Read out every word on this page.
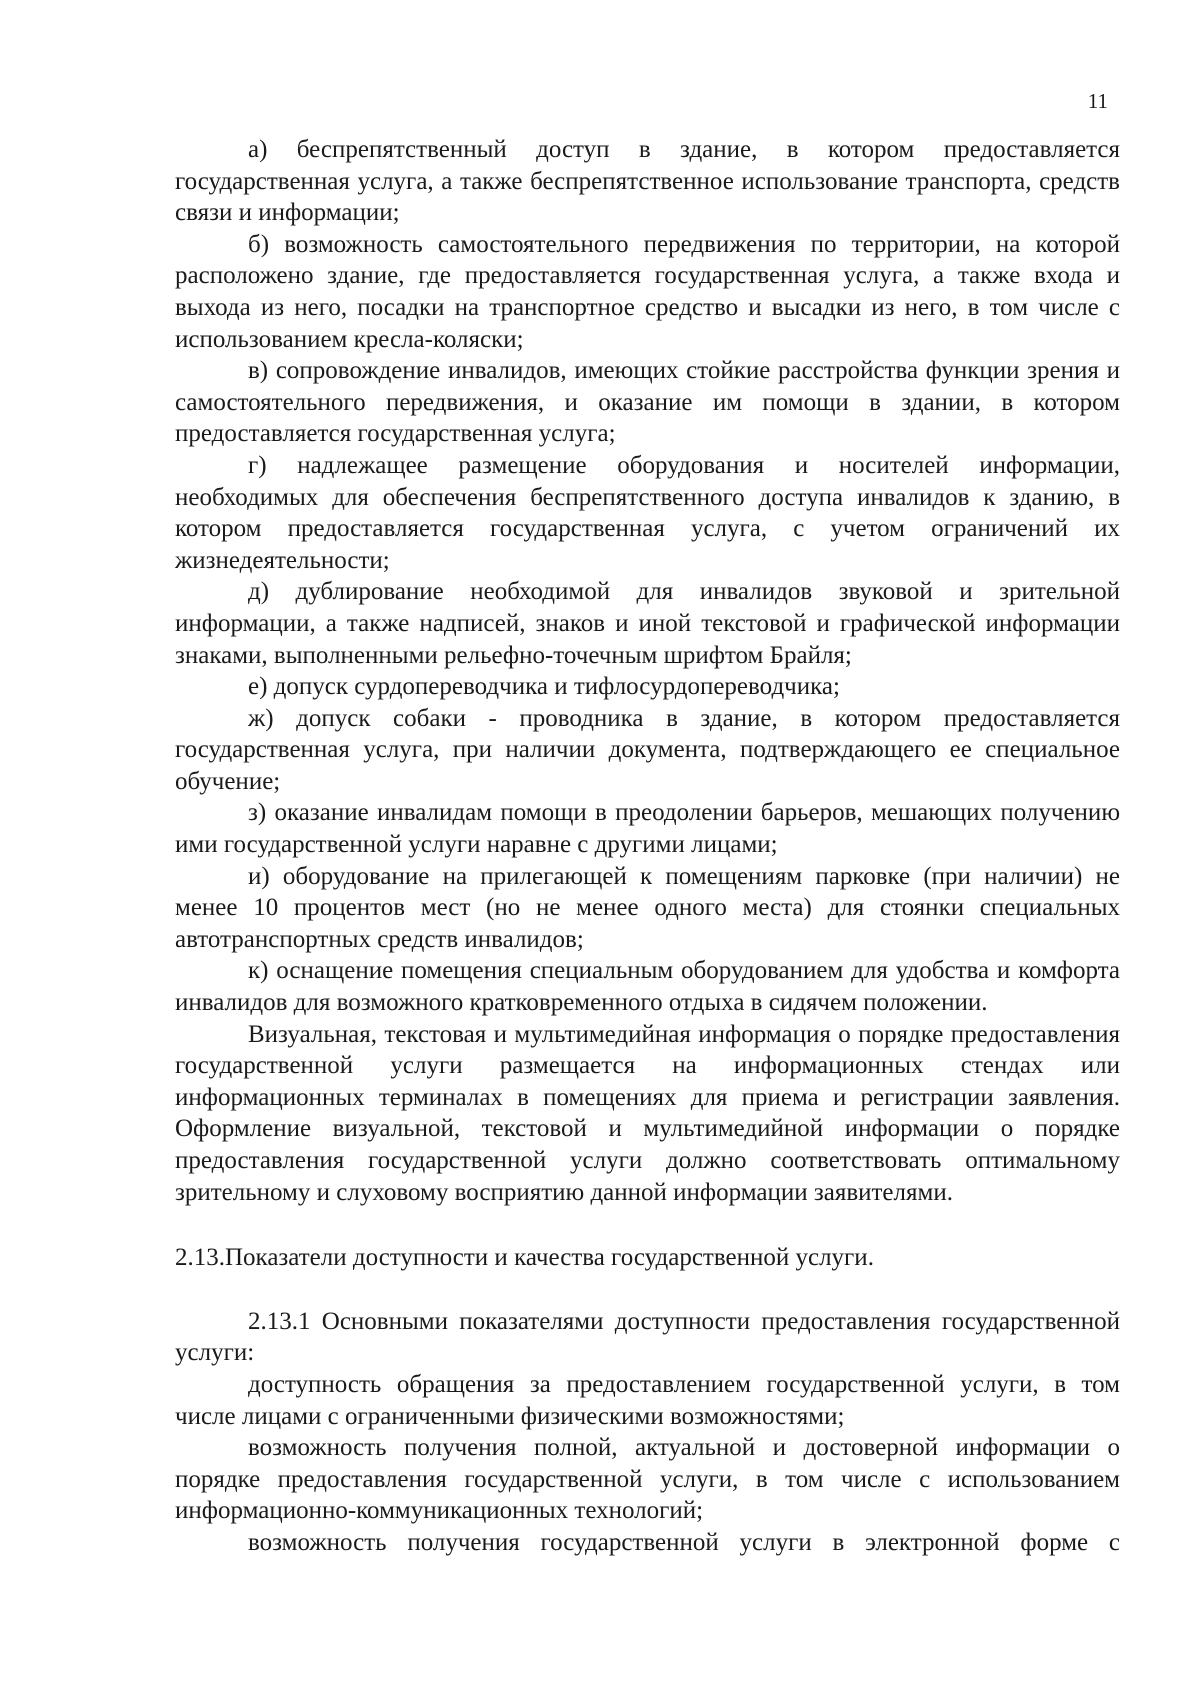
11

а) беспрепятственный доступ в здание, в котором предоставляется государственная услуга, а также беспрепятственное использование транспорта, средств связи и информации;

б) возможность самостоятельного передвижения по территории, на которой расположено здание, где предоставляется государственная услуга, а также входа и выхода из него, посадки на транспортное средство и высадки из него, в том числе с использованием кресла-коляски;

в) сопровождение инвалидов, имеющих стойкие расстройства функции зрения и самостоятельного передвижения, и оказание им помощи в здании, в котором предоставляется государственная услуга;

г) надлежащее размещение оборудования и носителей информации, необходимых для обеспечения беспрепятственного доступа инвалидов к зданию, в котором предоставляется государственная услуга, с учетом ограничений их жизнедеятельности;

д) дублирование необходимой для инвалидов звуковой и зрительной информации, а также надписей, знаков и иной текстовой и графической информации знаками, выполненными рельефно-точечным шрифтом Брайля;

е) допуск сурдопереводчика и тифлосурдопереводчика;

ж) допуск собаки - проводника в здание, в котором предоставляется государственная услуга, при наличии документа, подтверждающего ее специальное обучение;

з) оказание инвалидам помощи в преодолении барьеров, мешающих получению ими государственной услуги наравне с другими лицами;

и) оборудование на прилегающей к помещениям парковке (при наличии) не менее 10 процентов мест (но не менее одного места) для стоянки специальных автотранспортных средств инвалидов;

к) оснащение помещения специальным оборудованием для удобства и комфорта инвалидов для возможного кратковременного отдыха в сидячем положении.

Визуальная, текстовая и мультимедийная информация о порядке предоставления государственной услуги размещается на информационных стендах или информационных терминалах в помещениях для приема и регистрации заявления. Оформление визуальной, текстовой и мультимедийной информации о порядке предоставления государственной услуги должно соответствовать оптимальному зрительному и слуховому восприятию данной информации заявителями.

2.13.Показатели доступности и качества государственной услуги.

2.13.1 Основными показателями доступности предоставления государственной услуги:

доступность обращения за предоставлением государственной услуги, в том числе лицами с ограниченными физическими возможностями;

возможность получения полной, актуальной и достоверной информации о порядке предоставления государственной услуги, в том числе с использованием информационно-коммуникационных технологий;

возможность получения государственной услуги в электронной форме с
